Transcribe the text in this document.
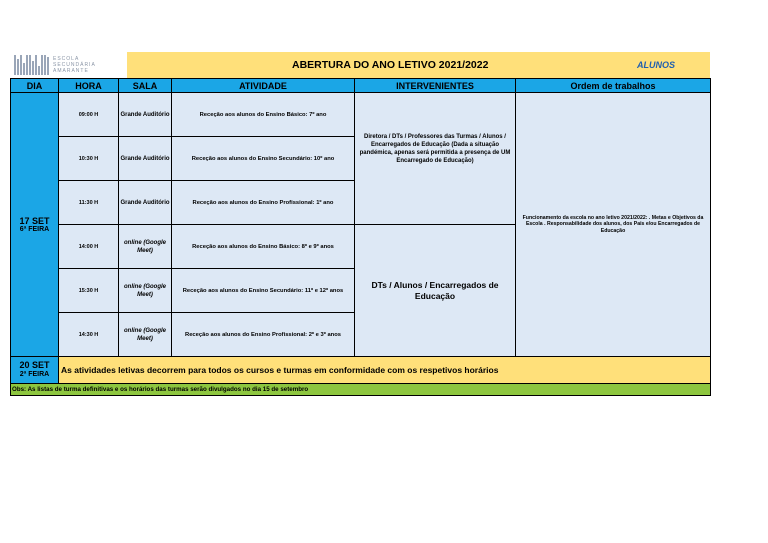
ESCOLA
SECUNDÁRIA
AMARANTE	ABERTURA DO ANO LETIVO 2021/2022	ALUNOS
DIA	HORA	SALA	ATIVIDADE	INTERVENIENTES	Ordem de trabalhos

17 SET
6ª FEIRA	09:00 H	Grande Auditório	Receção aos alunos do Ensino Básico: 7º ano	Diretora / DTs / Professores das Turmas / Alunos / Encarregados de Educação (Dada a situação pandémica, apenas será permitida a presença de UM Encarregado de Educação)	Funcionamento da escola no ano letivo 2021/2022: . Metas e Objetivos da Escola . Responsabilidade dos alunos, dos Pais e/ou Encarregados de Educação
	10:30 H	Grande Auditório	Receção aos alunos do Ensino Secundário: 10º ano		
	11:30 H	Grande Auditório	Receção aos alunos do Ensino Profissional: 1º ano		
	14:00 H	online (Google Meet)	Receção aos alunos do Ensino Básico: 8º e 9º anos	DTs / Alunos / Encarregados de Educação	
	15:30 H	online (Google Meet)	Receção aos alunos do Ensino Secundário: 11º e 12º anos		
	14:30 H	online (Google Meet)	Receção aos alunos do Ensino Profissional: 2º e 3º anos		

20 SET
2ª FEIRA	As atividades letivas decorrem para todos os cursos e turmas em conformidade com os respetivos horários				
Obs: As listas de turma definitivas e os horários das turmas serão divulgados no dia 15 de setembro					
